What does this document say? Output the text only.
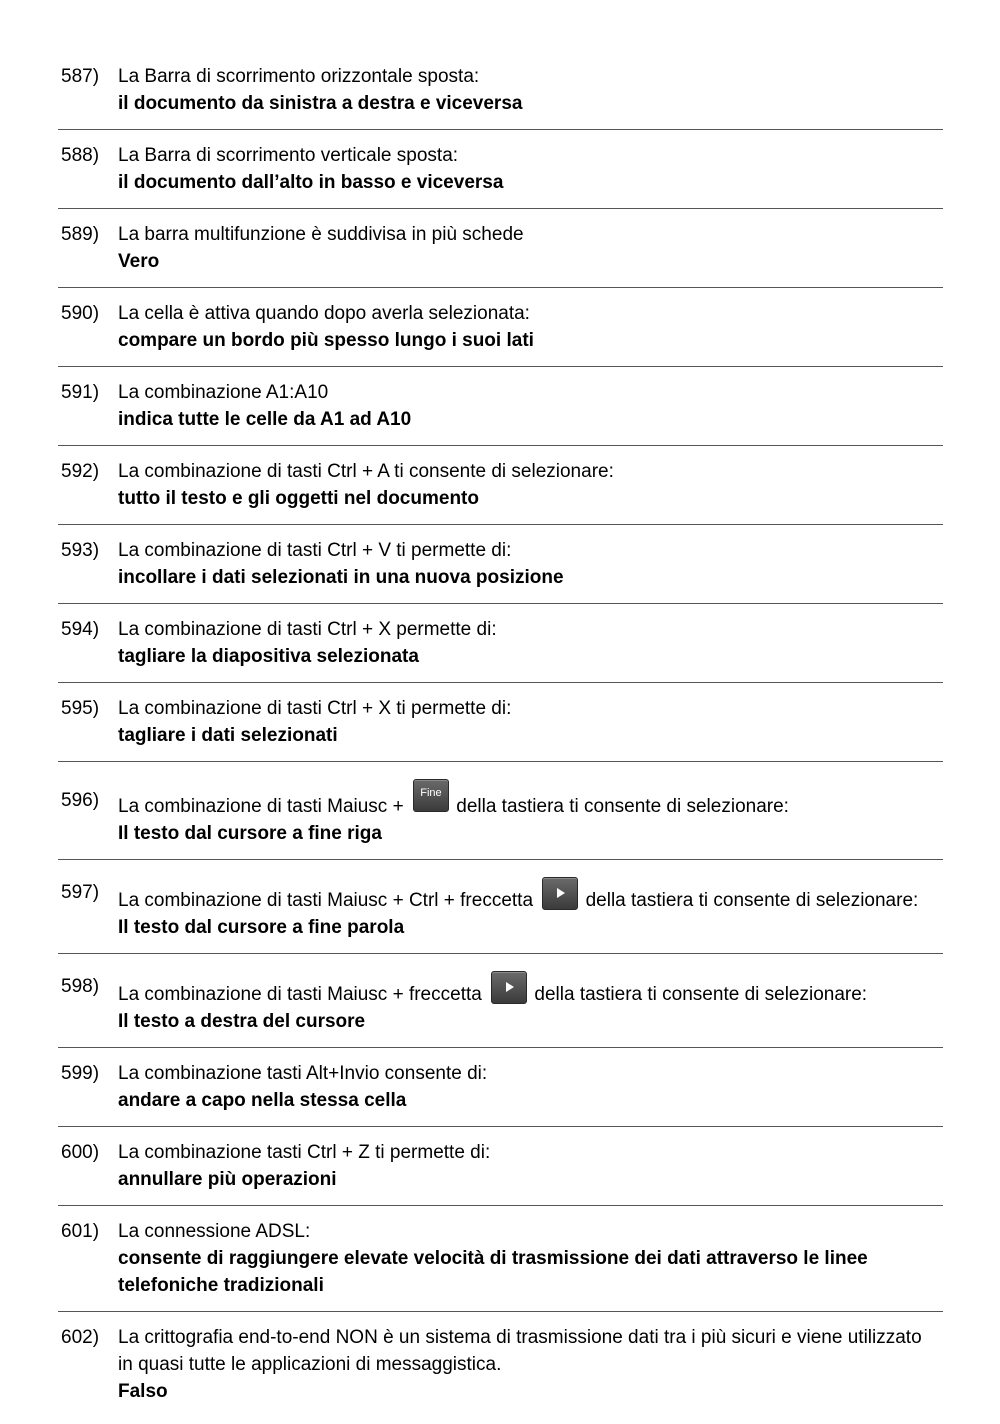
587) La Barra di scorrimento orizzontale sposta:
il documento da sinistra a destra e viceversa
588) La Barra di scorrimento verticale sposta:
il documento dall’alto in basso e viceversa
589) La barra multifunzione è suddivisa in più schede
Vero
590) La cella è attiva quando dopo averla selezionata:
compare un bordo più spesso lungo i suoi lati
591) La combinazione A1:A10
indica tutte le celle da A1 ad A10
592) La combinazione di tasti Ctrl + A ti consente di selezionare:
tutto il testo e gli oggetti nel documento
593) La combinazione di tasti Ctrl + V ti permette di:
incollare i dati selezionati in una nuova posizione
594) La combinazione di tasti Ctrl + X permette di:
tagliare la diapositiva selezionata
595) La combinazione di tasti Ctrl + X ti permette di:
tagliare i dati selezionati
596) La combinazione di tasti Maiusc +
Fine
della tastiera ti consente di selezionare:
Il testo dal cursore a fine riga
597) La combinazione di tasti Maiusc + Ctrl + freccetta	della tastiera ti consente di selezionare:
Il testo dal cursore a fine parola
598) La combinazione di tasti Maiusc + freccetta	della tastiera ti consente di selezionare:
Il testo a destra del cursore
599) La combinazione tasti Alt+Invio consente di:
andare a capo nella stessa cella
600) La combinazione tasti Ctrl + Z ti permette di:
annullare più operazioni
601) La connessione ADSL:
consente di raggiungere elevate velocità di trasmissione dei dati attraverso le linee telefoniche tradizionali
602) La crittografia end-to-end NON è un sistema di trasmissione dati tra i più sicuri e viene utilizzato in quasi tutte le applicazioni di messaggistica.
Falso
